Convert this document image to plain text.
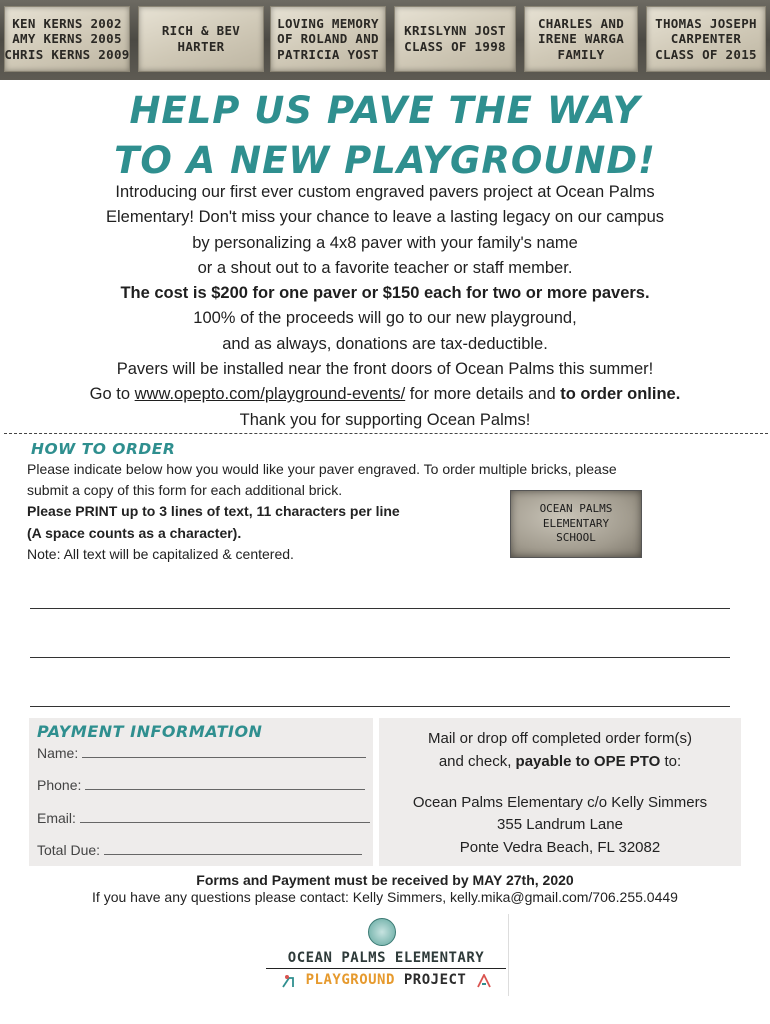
KEN KERNS 2002
AMY KERNS 2005
CHRIS KERNS 2009
RICH & BEV
HARTER
LOVING MEMORY
OF ROLAND AND
PATRICIA YOST
KRISLYNN JOST
CLASS OF 1998
CHARLES AND
IRENE WARGA
FAMILY
THOMAS JOSEPH
CARPENTER
CLASS OF 2015
HELP US PAVE THE WAY
TO A NEW PLAYGROUND!
Introducing our first ever custom engraved pavers project at Ocean Palms
Elementary! Don't miss your chance to leave a lasting legacy on our campus
by personalizing a 4x8 paver with your family's name
or a shout out to a favorite teacher or staff member.
The cost is $200 for one paver or $150 each for two or more pavers.
100% of the proceeds will go to our new playground,
and as always, donations are tax-deductible.
Pavers will be installed near the front doors of Ocean Palms this summer!
Go to www.opepto.com/playground-events/ for more details and to order online.
Thank you for supporting Ocean Palms!
HOW TO ORDER
Please indicate below how you would like your paver engraved. To order multiple bricks, please
submit a copy of this form for each additional brick.
Please PRINT up to 3 lines of text, 11 characters per line
(A space counts as a character).
Note: All text will be capitalized & centered.
OCEAN PALMS
ELEMENTARY
SCHOOL
PAYMENT INFORMATION
Name:
Phone:
Email:
Total Due:
Mail or drop off completed order form(s)
and check, payable to OPE PTO to:
Ocean Palms Elementary c/o Kelly Simmers
355 Landrum Lane
Ponte Vedra Beach, FL 32082
Forms and Payment must be received by MAY 27th, 2020
If you have any questions please contact: Kelly Simmers, kelly.mika@gmail.com/706.255.0449
OCEAN PALMS ELEMENTARY
PLAYGROUND PROJECT
